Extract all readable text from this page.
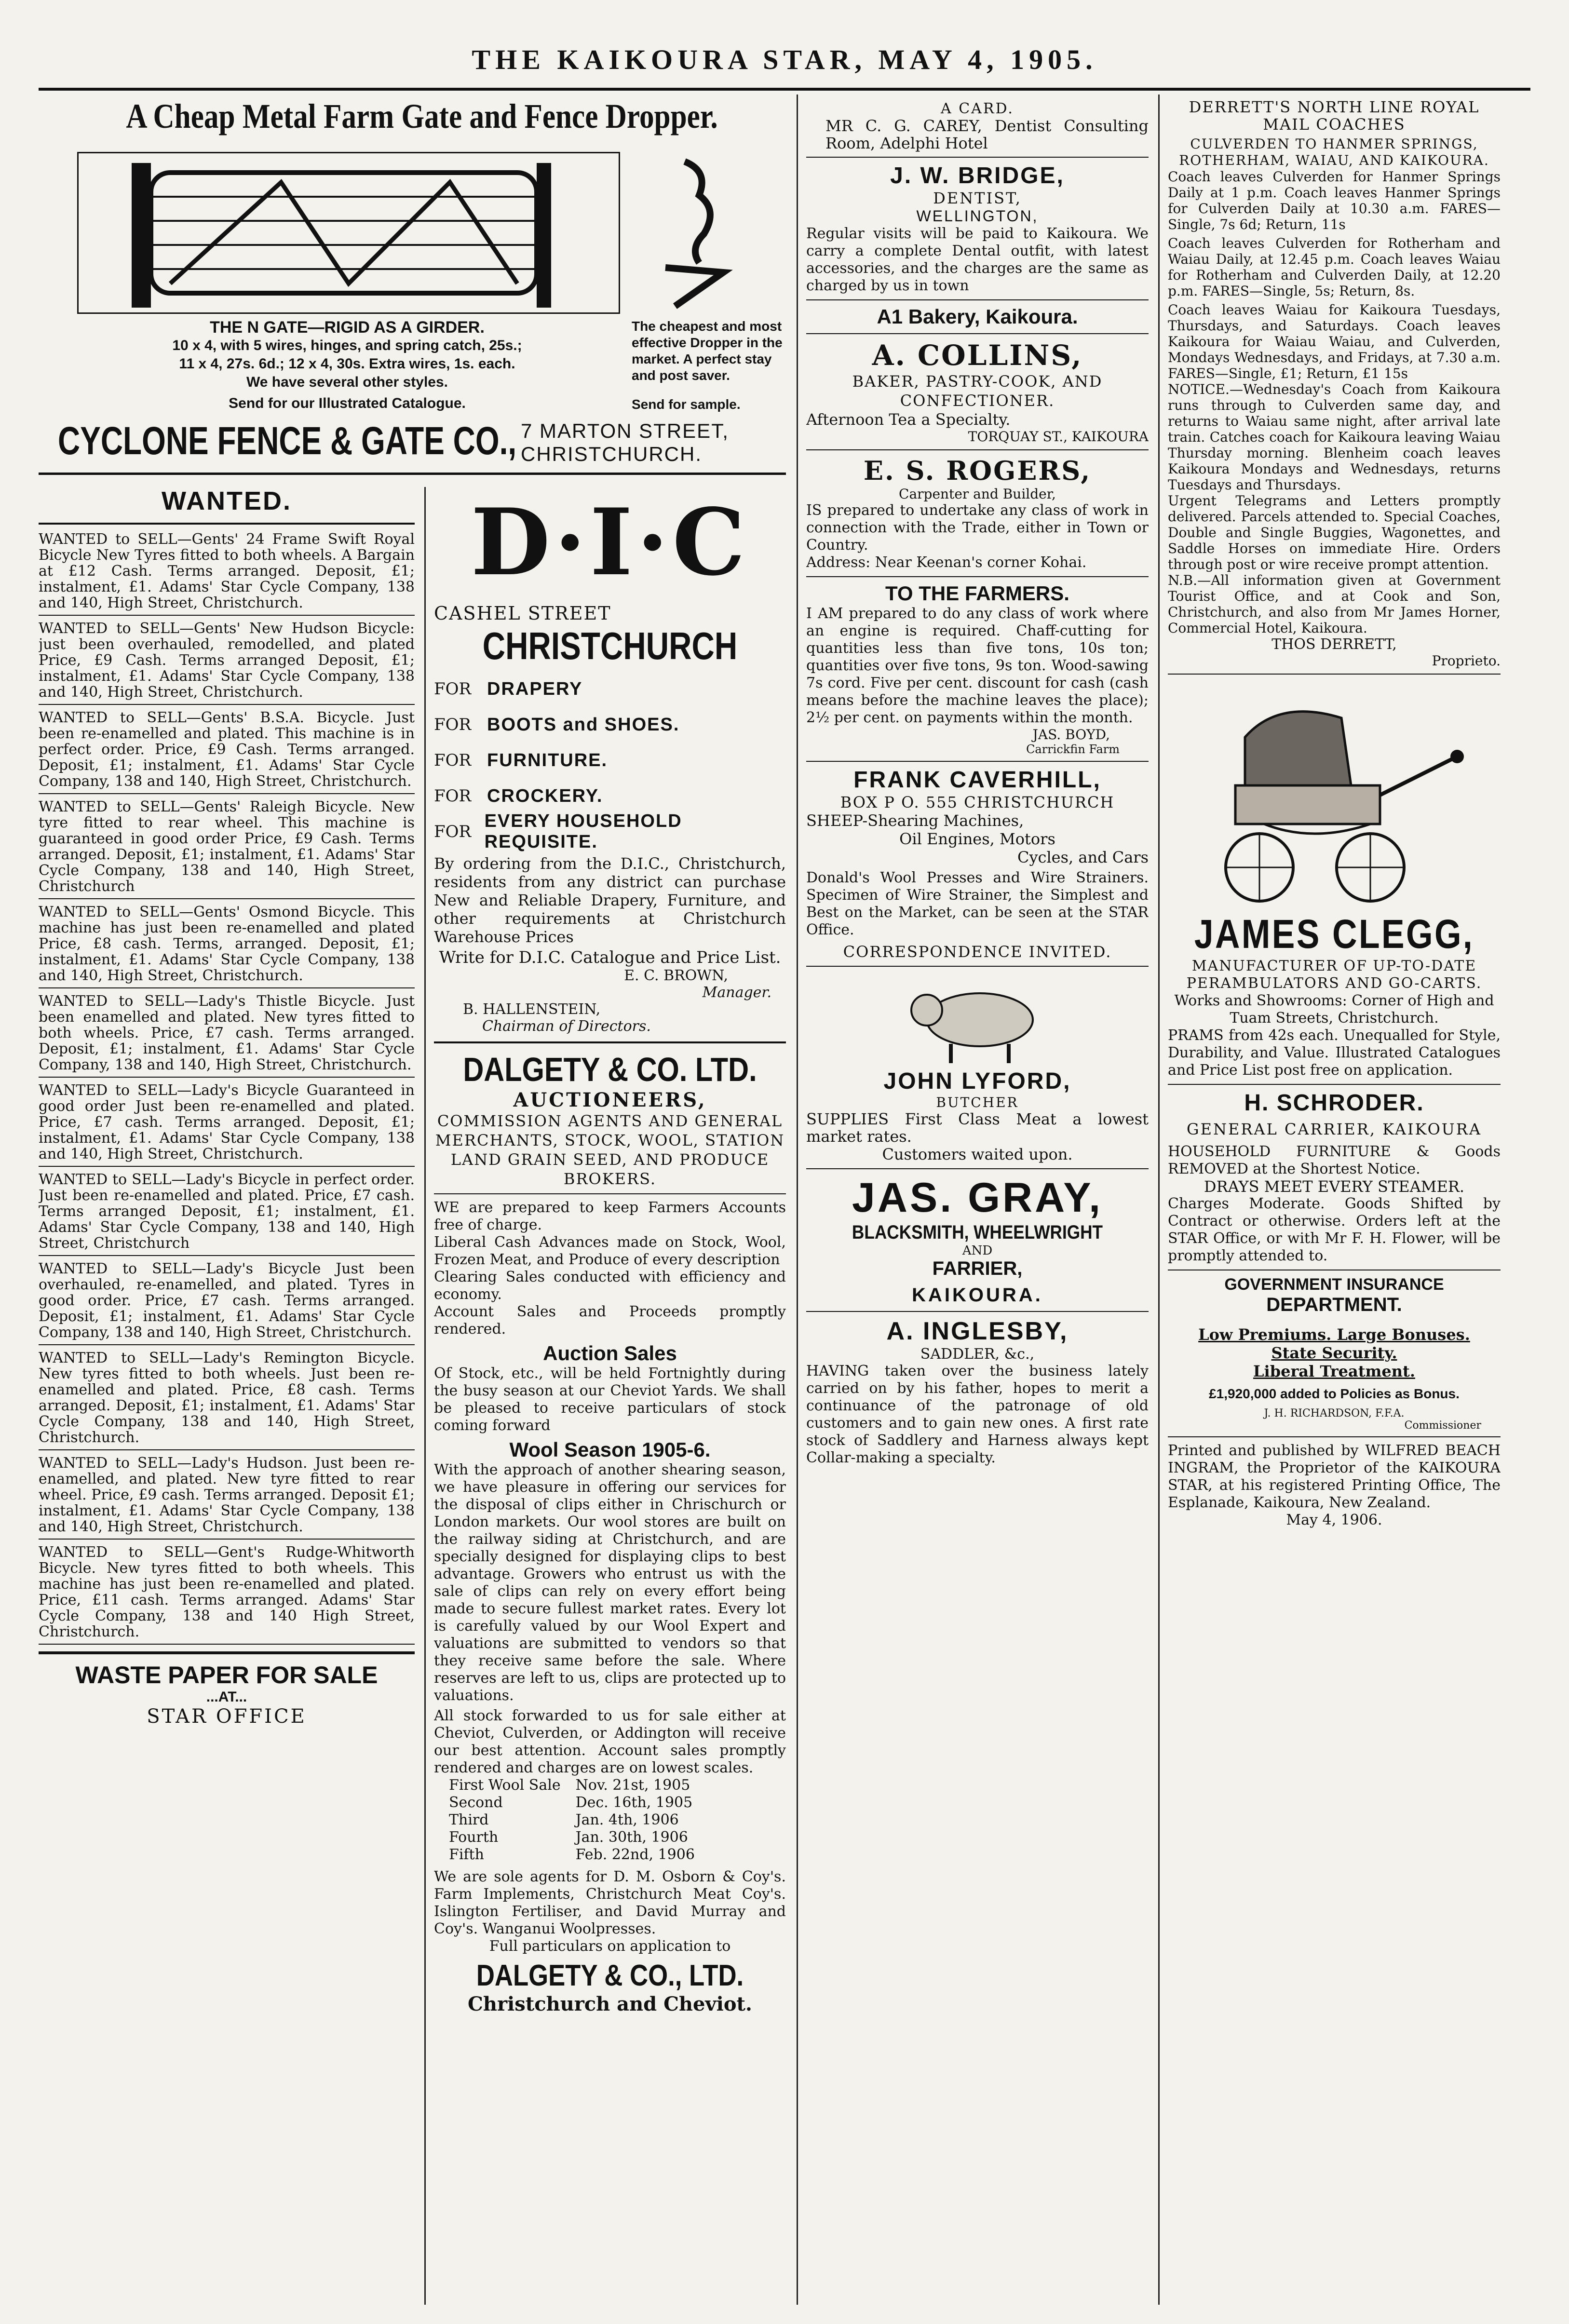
THE KAIKOURA STAR, MAY 4, 1905.
A Cheap Metal Farm Gate and Fence Dropper.
THE N GATE—RIGID AS A GIRDER.
10 x 4, with 5 wires, hinges, and spring catch, 25s.;
11 x 4, 27s. 6d.; 12 x 4, 30s. Extra wires, 1s. each.
We have several other styles.
Send for our Illustrated Catalogue.
The cheapest and most effective Dropper in the market. A perfect stay and post saver.
Send for sample.
CYCLONE FENCE & GATE CO., 7 MARTON STREET,
CHRISTCHURCH.
WANTED.
WANTED to SELL—Gents' 24 Frame Swift Royal Bicycle New Tyres fitted to both wheels. A Bargain at £12 Cash. Terms arranged. Deposit, £1; instalment, £1. Adams' Star Cycle Company, 138 and 140, High Street, Christchurch.
WANTED to SELL—Gents' New Hudson Bicycle: just been overhauled, remodelled, and plated Price, £9 Cash. Terms arranged Deposit, £1; instalment, £1. Adams' Star Cycle Company, 138 and 140, High Street, Christchurch.
WANTED to SELL—Gents' B.S.A. Bicycle. Just been re-enamelled and plated. This machine is in perfect order. Price, £9 Cash. Terms arranged. Deposit, £1; instalment, £1. Adams' Star Cycle Company, 138 and 140, High Street, Christchurch.
WANTED to SELL—Gents' Raleigh Bicycle. New tyre fitted to rear wheel. This machine is guaranteed in good order Price, £9 Cash. Terms arranged. Deposit, £1; instalment, £1. Adams' Star Cycle Company, 138 and 140, High Street, Christchurch
WANTED to SELL—Gents' Osmond Bicycle. This machine has just been re-enamelled and plated Price, £8 cash. Terms, arranged. Deposit, £1; instalment, £1. Adams' Star Cycle Company, 138 and 140, High Street, Christchurch.
WANTED to SELL—Lady's Thistle Bicycle. Just been enamelled and plated. New tyres fitted to both wheels. Price, £7 cash. Terms arranged. Deposit, £1; instalment, £1. Adams' Star Cycle Company, 138 and 140, High Street, Christchurch.
WANTED to SELL—Lady's Bicycle Guaranteed in good order Just been re-enamelled and plated. Price, £7 cash. Terms arranged. Deposit, £1; instalment, £1. Adams' Star Cycle Company, 138 and 140, High Street, Christchurch.
WANTED to SELL—Lady's Bicycle in perfect order. Just been re-enamelled and plated. Price, £7 cash. Terms arranged Deposit, £1; instalment, £1. Adams' Star Cycle Company, 138 and 140, High Street, Christchurch
WANTED to SELL—Lady's Bicycle Just been overhauled, re-enamelled, and plated. Tyres in good order. Price, £7 cash. Terms arranged. Deposit, £1; instalment, £1. Adams' Star Cycle Company, 138 and 140, High Street, Christchurch.
WANTED to SELL—Lady's Remington Bicycle. New tyres fitted to both wheels. Just been re-enamelled and plated. Price, £8 cash. Terms arranged. Deposit, £1; instalment, £1. Adams' Star Cycle Company, 138 and 140, High Street, Christchurch.
WANTED to SELL—Lady's Hudson. Just been re-enamelled, and plated. New tyre fitted to rear wheel. Price, £9 cash. Terms arranged. Deposit £1; instalment, £1. Adams' Star Cycle Company, 138 and 140, High Street, Christchurch.
WANTED to SELL—Gent's Rudge-Whitworth Bicycle. New tyres fitted to both wheels. This machine has just been re-enamelled and plated. Price, £11 cash. Terms arranged. Adams' Star Cycle Company, 138 and 140 High Street, Christchurch.
WASTE PAPER FOR SALE
...AT...
STAR OFFICE
D·I·C
CASHEL STREET
CHRISTCHURCH
FOR DRAPERY
FOR BOOTS and SHOES.
FOR FURNITURE.
FOR CROCKERY.
FOR
EVERY HOUSEHOLD REQUISITE.
By ordering from the D.I.C., Christchurch, residents from any district can purchase New and Reliable Drapery, Furniture, and other requirements at Christchurch Warehouse Prices
Write for D.I.C. Catalogue and Price List.
E. C. BROWN,
Manager.
B. HALLENSTEIN,
Chairman of Directors.
DALGETY & CO. LTD.
AUCTIONEERS,
COMMISSION AGENTS AND GENERAL MERCHANTS, STOCK, WOOL, STATION LAND GRAIN SEED, AND PRODUCE BROKERS.
WE are prepared to keep Farmers Accounts free of charge.
Liberal Cash Advances made on Stock, Wool, Frozen Meat, and Produce of every description
Clearing Sales conducted with efficiency and economy.
Account Sales and Proceeds promptly rendered.
Auction Sales
Of Stock, etc., will be held Fortnightly during the busy season at our Cheviot Yards. We shall be pleased to receive particulars of stock coming forward
Wool Season 1905-6.
With the approach of another shearing season, we have pleasure in offering our services for the disposal of clips either in Chrischurch or London markets. Our wool stores are built on the railway siding at Christchurch, and are specially designed for displaying clips to best advantage. Growers who entrust us with the sale of clips can rely on every effort being made to secure fullest market rates. Every lot is carefully valued by our Wool Expert and valuations are submitted to vendors so that they receive same before the sale. Where reserves are left to us, clips are protected up to valuations.
All stock forwarded to us for sale either at Cheviot, Culverden, or Addington will receive our best attention. Account sales promptly rendered and charges are on lowest scales.
First Wool Sale	Nov. 21st, 1905
Second	Dec. 16th, 1905
Third	Jan. 4th, 1906
Fourth	Jan. 30th, 1906
Fifth	Feb. 22nd, 1906
We are sole agents for D. M. Osborn & Coy's. Farm Implements, Christchurch Meat Coy's. Islington Fertiliser, and David Murray and Coy's. Wanganui Woolpresses.
Full particulars on application to
DALGETY & CO., LTD.
Christchurch and Cheviot.
A CARD.
MR C. G. CAREY, Dentist Consulting Room, Adelphi Hotel
J. W. BRIDGE,
DENTIST,
WELLINGTON,
Regular visits will be paid to Kaikoura. We carry a complete Dental outfit, with latest accessories, and the charges are the same as charged by us in town
A1 Bakery, Kaikoura.
A. COLLINS,
BAKER, PASTRY-COOK, AND CONFECTIONER.
Afternoon Tea a Specialty.
TORQUAY ST., KAIKOURA
E. S. ROGERS,
Carpenter and Builder,
IS prepared to undertake any class of work in connection with the Trade, either in Town or Country.
Address: Near Keenan's corner Kohai.
TO THE FARMERS.
I AM prepared to do any class of work where an engine is required. Chaff-cutting for quantities less than five tons, 10s ton; quantities over five tons, 9s ton. Wood-sawing 7s cord. Five per cent. discount for cash (cash means before the machine leaves the place); 2½ per cent. on payments within the month.
JAS. BOYD,
Carrickfin Farm
FRANK CAVERHILL,
BOX P O. 555 CHRISTCHURCH
SHEEP-Shearing Machines,
Oil Engines, Motors
Cycles, and Cars
Donald's Wool Presses and Wire Strainers. Specimen of Wire Strainer, the Simplest and Best on the Market, can be seen at the STAR Office.
CORRESPONDENCE INVITED.
JOHN LYFORD,
BUTCHER
SUPPLIES First Class Meat a lowest market rates.
Customers waited upon.
JAS. GRAY,
BLACKSMITH, WHEELWRIGHT
AND
FARRIER,
KAIKOURA.
A. INGLESBY,
SADDLER, &c.,
HAVING taken over the business lately carried on by his father, hopes to merit a continuance of the patronage of old customers and to gain new ones. A first rate stock of Saddlery and Harness always kept Collar-making a specialty.
DERRETT'S NORTH LINE ROYAL MAIL COACHES
CULVERDEN TO HANMER SPRINGS, ROTHERHAM, WAIAU, AND KAIKOURA.
Coach leaves Culverden for Hanmer Springs Daily at 1 p.m. Coach leaves Hanmer Springs for Culverden Daily at 10.30 a.m. FARES—Single, 7s 6d; Return, 11s
Coach leaves Culverden for Rotherham and Waiau Daily, at 12.45 p.m. Coach leaves Waiau for Rotherham and Culverden Daily, at 12.20 p.m. FARES—Single, 5s; Return, 8s.
Coach leaves Waiau for Kaikoura Tuesdays, Thursdays, and Saturdays. Coach leaves Kaikoura for Waiau Waiau, and Culverden, Mondays Wednesdays, and Fridays, at 7.30 a.m. FARES—Single, £1; Return, £1 15s
NOTICE.—Wednesday's Coach from Kaikoura runs through to Culverden same day, and returns to Waiau same night, after arrival late train. Catches coach for Kaikoura leaving Waiau Thursday morning. Blenheim coach leaves Kaikoura Mondays and Wednesdays, returns Tuesdays and Thursdays.
Urgent Telegrams and Letters promptly delivered. Parcels attended to. Special Coaches, Double and Single Buggies, Wagonettes, and Saddle Horses on immediate Hire. Orders through post or wire receive prompt attention.
N.B.—All information given at Government Tourist Office, and at Cook and Son, Christchurch, and also from Mr James Horner, Commercial Hotel, Kaikoura.
THOS DERRETT,
Proprieto.
JAMES CLEGG,
MANUFACTURER OF UP-TO-DATE PERAMBULATORS AND GO-CARTS.
Works and Showrooms: Corner of High and Tuam Streets, Christchurch.
PRAMS from 42s each. Unequalled for Style, Durability, and Value. Illustrated Catalogues and Price List post free on application.
H. SCHRODER.
GENERAL CARRIER, KAIKOURA
HOUSEHOLD FURNITURE & Goods REMOVED at the Shortest Notice.
DRAYS MEET EVERY STEAMER.
Charges Moderate. Goods Shifted by Contract or otherwise. Orders left at the STAR Office, or with Mr F. H. Flower, will be promptly attended to.
GOVERNMENT INSURANCE
DEPARTMENT.
Low Premiums. Large Bonuses.
State Security.
Liberal Treatment.
£1,920,000 added to Policies as Bonus.
J. H. RICHARDSON, F.F.A.
Commissioner
Printed and published by WILFRED BEACH INGRAM, the Proprietor of the KAIKOURA STAR, at his registered Printing Office, The Esplanade, Kaikoura, New Zealand.
May 4, 1906.
